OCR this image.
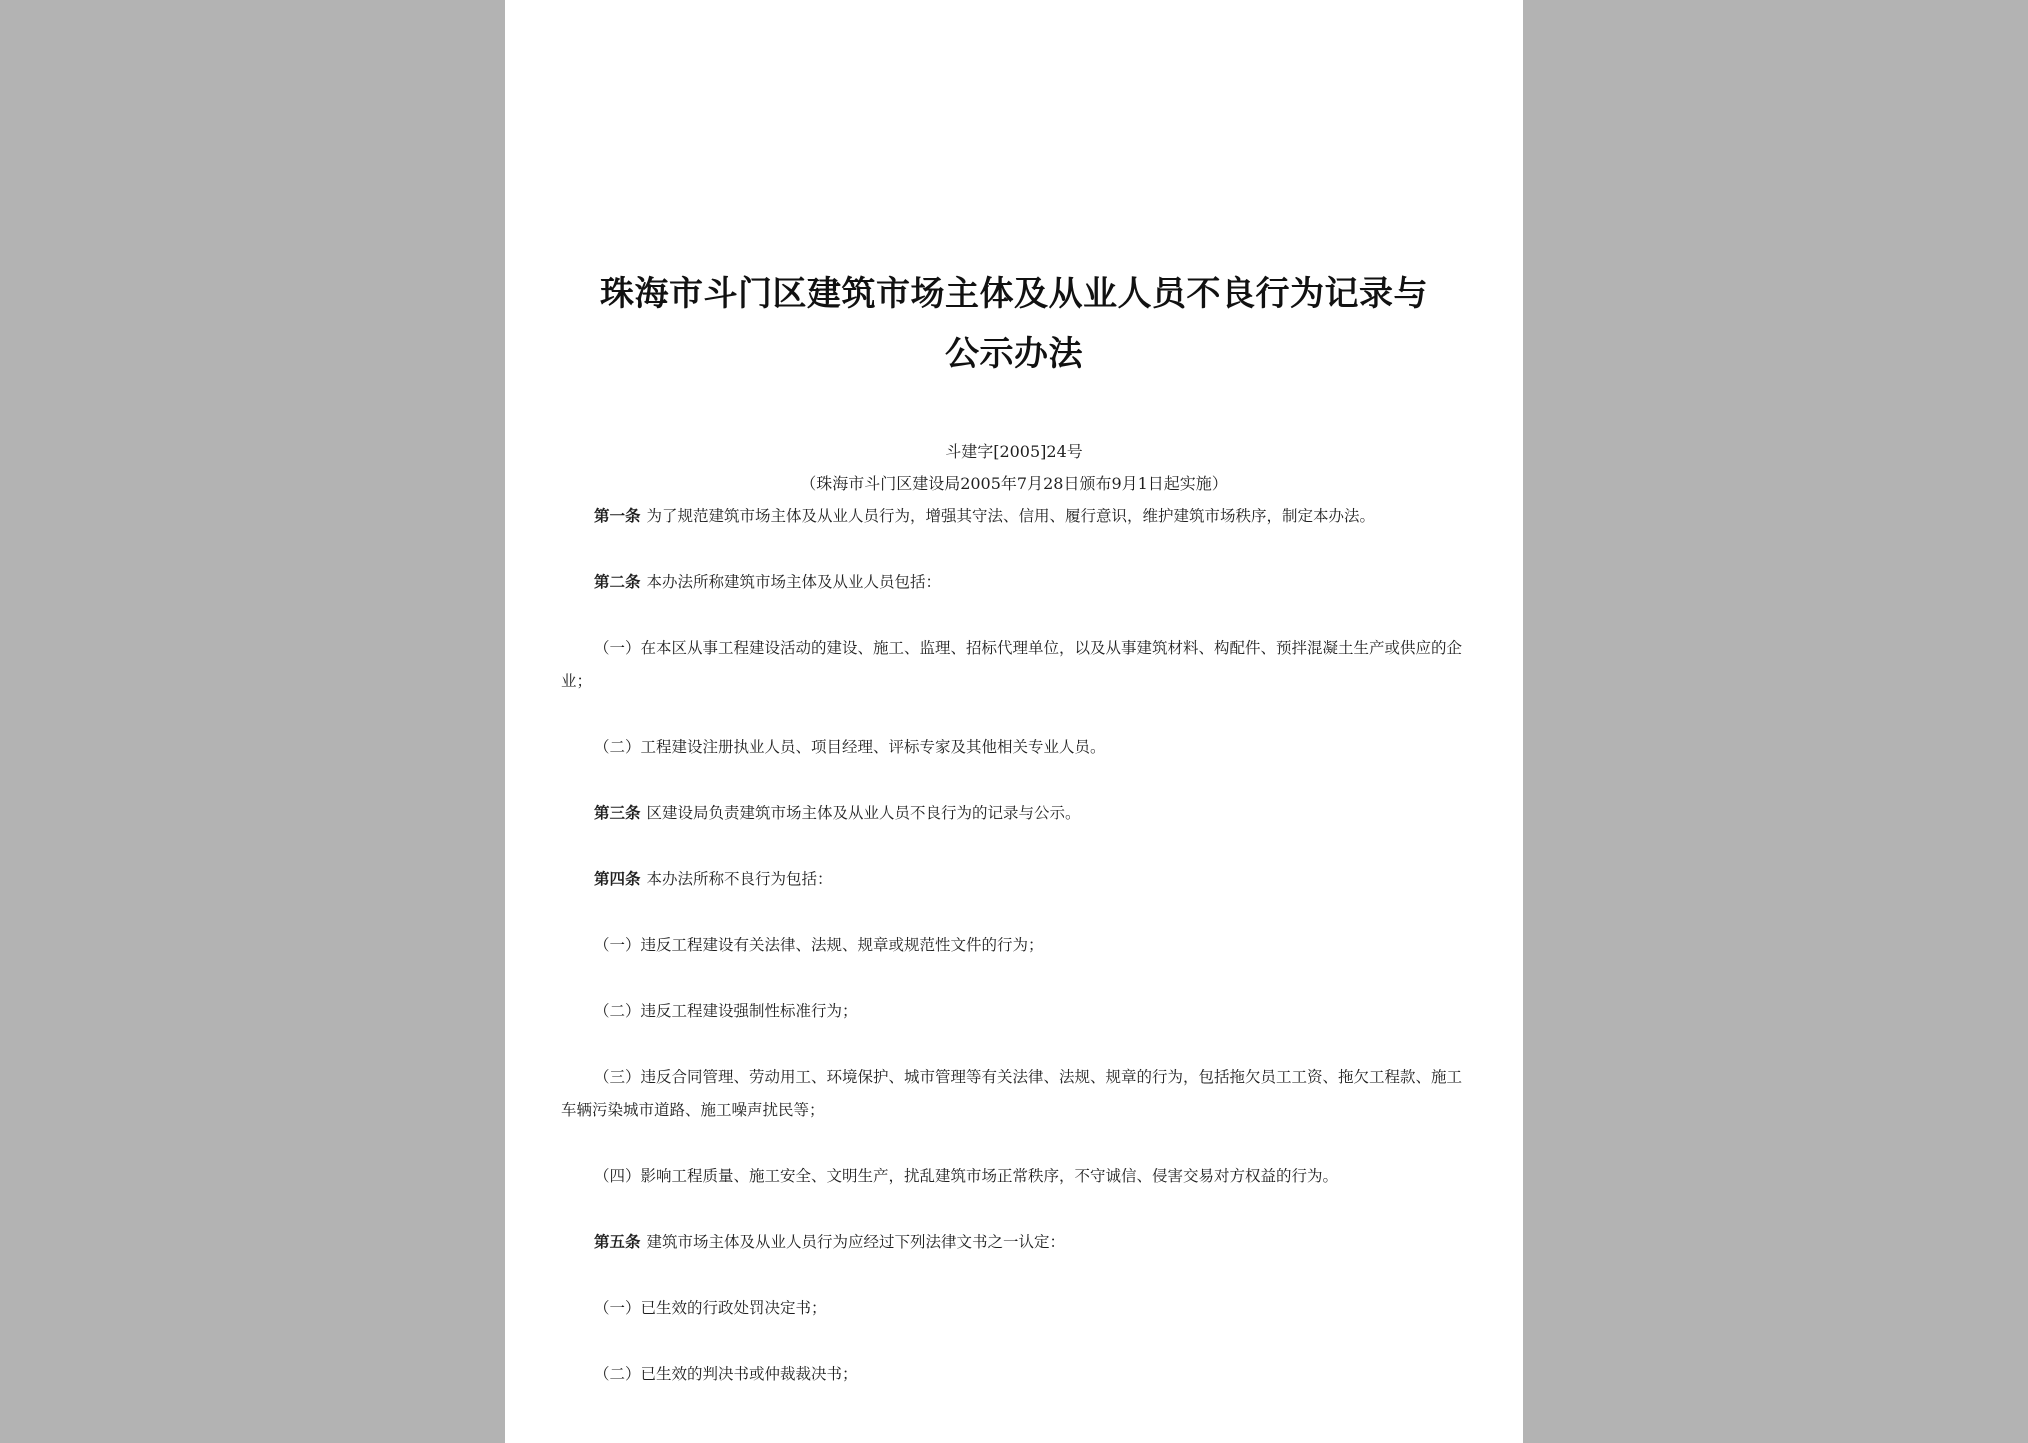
珠海市斗门区建筑市场主体及从业人员不良行为记录与
公示办法
斗建字[2005]24号
（珠海市斗门区建设局2005年7月28日颁布9月1日起实施）
第一条 为了规范建筑市场主体及从业人员行为，增强其守法、信用、履行意识，维护建筑市场秩序，制定本办法。
第二条 本办法所称建筑市场主体及从业人员包括：
（一）在本区从事工程建设活动的建设、施工、监理、招标代理单位，以及从事建筑材料、构配件、预拌混凝土生产或供应的企业；
（二）工程建设注册执业人员、项目经理、评标专家及其他相关专业人员。
第三条 区建设局负责建筑市场主体及从业人员不良行为的记录与公示。
第四条 本办法所称不良行为包括：
（一）违反工程建设有关法律、法规、规章或规范性文件的行为；
（二）违反工程建设强制性标准行为；
（三）违反合同管理、劳动用工、环境保护、城市管理等有关法律、法规、规章的行为，包括拖欠员工工资、拖欠工程款、施工车辆污染城市道路、施工噪声扰民等；
（四）影响工程质量、施工安全、文明生产，扰乱建筑市场正常秩序，不守诚信、侵害交易对方权益的行为。
第五条 建筑市场主体及从业人员行为应经过下列法律文书之一认定：
（一）已生效的行政处罚决定书；
（二）已生效的判决书或仲裁裁决书；
